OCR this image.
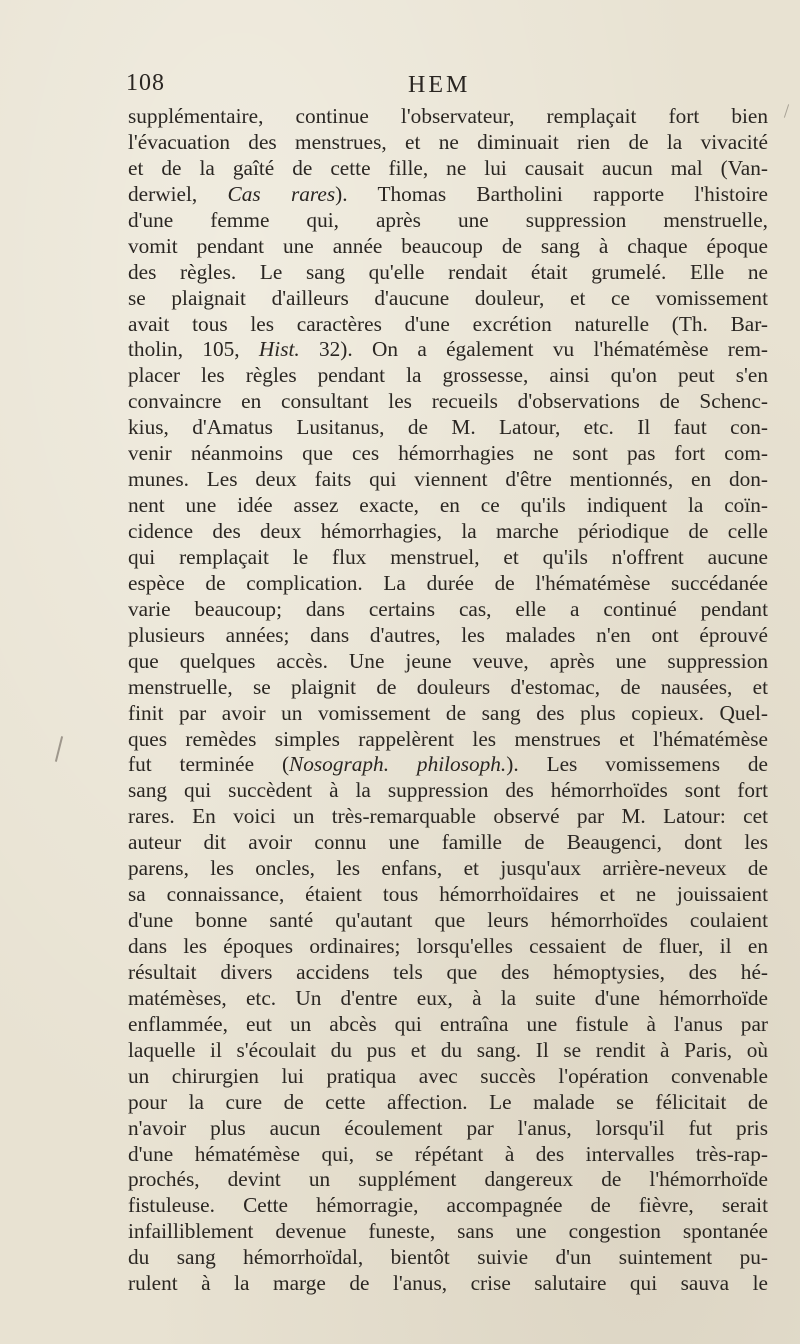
108	HEM
supplémentaire, continue l'observateur, remplaçait fort bien
l'évacuation des menstrues, et ne diminuait rien de la vivacité
et de la gaîté de cette fille, ne lui causait aucun mal (Van-
derwiel, Cas rares). Thomas Bartholini rapporte l'histoire
d'une femme qui, après une suppression menstruelle,
vomit pendant une année beaucoup de sang à chaque époque
des règles. Le sang qu'elle rendait était grumelé. Elle ne
se plaignait d'ailleurs d'aucune douleur, et ce vomissement
avait tous les caractères d'une excrétion naturelle (Th. Bar-
tholin, 105, Hist. 32). On a également vu l'hématémèse rem-
placer les règles pendant la grossesse, ainsi qu'on peut s'en
convaincre en consultant les recueils d'observations de Schenc-
kius, d'Amatus Lusitanus, de M. Latour, etc. Il faut con-
venir néanmoins que ces hémorrhagies ne sont pas fort com-
munes. Les deux faits qui viennent d'être mentionnés, en don-
nent une idée assez exacte, en ce qu'ils indiquent la coïn-
cidence des deux hémorrhagies, la marche périodique de celle
qui remplaçait le flux menstruel, et qu'ils n'offrent aucune
espèce de complication. La durée de l'hématémèse succédanée
varie beaucoup; dans certains cas, elle a continué pendant
plusieurs années; dans d'autres, les malades n'en ont éprouvé
que quelques accès. Une jeune veuve, après une suppression
menstruelle, se plaignit de douleurs d'estomac, de nausées, et
finit par avoir un vomissement de sang des plus copieux. Quel-
ques remèdes simples rappelèrent les menstrues et l'hématémèse
fut terminée (Nosograph. philosoph.). Les vomissemens de
sang qui succèdent à la suppression des hémorrhoïdes sont fort
rares. En voici un très-remarquable observé par M. Latour: cet
auteur dit avoir connu une famille de Beaugenci, dont les
parens, les oncles, les enfans, et jusqu'aux arrière-neveux de
sa connaissance, étaient tous hémorrhoïdaires et ne jouissaient
d'une bonne santé qu'autant que leurs hémorrhoïdes coulaient
dans les époques ordinaires; lorsqu'elles cessaient de fluer, il en
résultait divers accidens tels que des hémoptysies, des hé-
matémèses, etc. Un d'entre eux, à la suite d'une hémorrhoïde
enflammée, eut un abcès qui entraîna une fistule à l'anus par
laquelle il s'écoulait du pus et du sang. Il se rendit à Paris, où
un chirurgien lui pratiqua avec succès l'opération convenable
pour la cure de cette affection. Le malade se félicitait de
n'avoir plus aucun écoulement par l'anus, lorsqu'il fut pris
d'une hématémèse qui, se répétant à des intervalles très-rap-
prochés, devint un supplément dangereux de l'hémorrhoïde
fistuleuse. Cette hémorragie, accompagnée de fièvre, serait
infailliblement devenue funeste, sans une congestion spontanée
du sang hémorrhoïdal, bientôt suivie d'un suintement pu-
rulent à la marge de l'anus, crise salutaire qui sauva le
